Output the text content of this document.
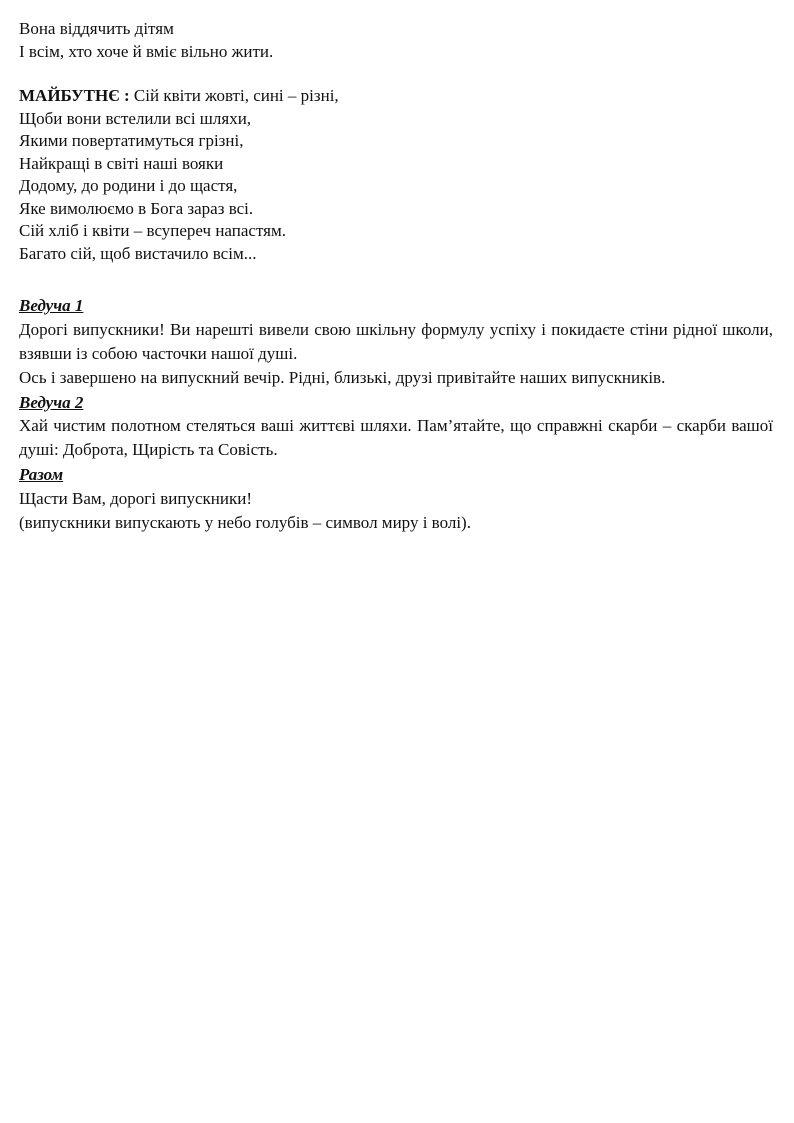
Вона віддячить дітям
І всім, хто хоче й вміє вільно жити.
МАЙБУТНЄ : Сій квіти жовті, сині – різні,
Щоби вони встелили всі шляхи,
Якими повертатимуться грізні,
Найкращі в світі наші вояки
Додому, до родини і до щастя,
Яке вимолюємо в Бога зараз всі.
Сій хліб і квіти – всупереч напастям.
Багато сій, щоб вистачило всім...
Ведуча 1
Дорогі випускники! Ви нарешті вивели свою шкільну формулу успіху і покидаєте стіни рідної школи, взявши із собою часточки нашої душі.
Ось і завершено на випускний вечір. Рідні, близькі, друзі привітайте наших випускників.
Ведуча 2
Хай чистим полотном стеляться ваші життєві шляхи. Пам’ятайте, що справжні скарби – скарби вашої душі: Доброта, Щирість та Совість.
Разом
Щасти Вам, дорогі випускники!
(випускники випускають у небо голубів – символ миру і волі).
